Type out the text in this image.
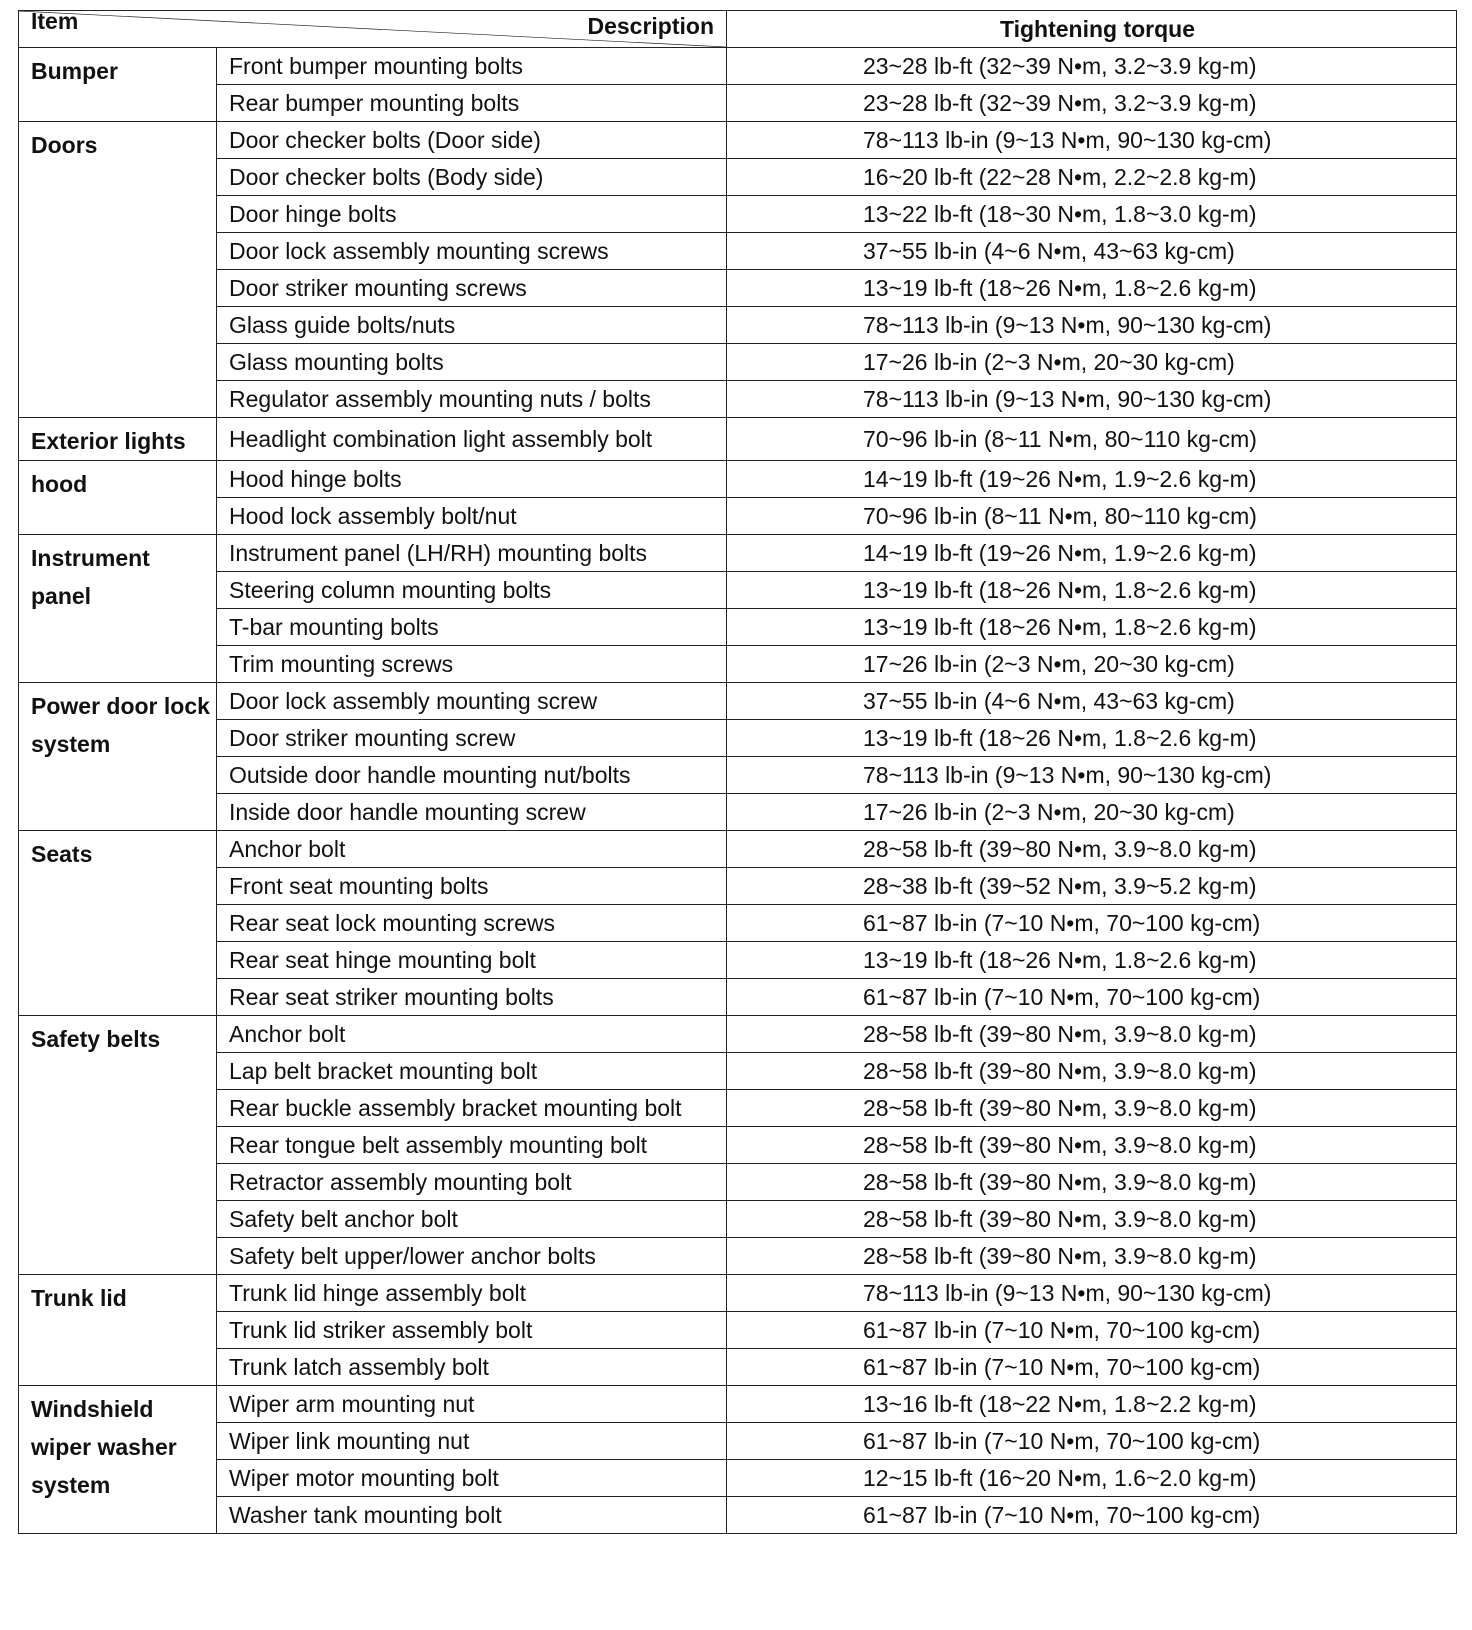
Description
Item		Tightening torque
Bumper	Front bumper mounting bolts	23~28 lb-ft (32~39 N•m, 3.2~3.9 kg-m)
	Rear bumper mounting bolts	23~28 lb-ft (32~39 N•m, 3.2~3.9 kg-m)
Doors	Door checker bolts (Door side)	78~113 lb-in (9~13 N•m, 90~130 kg-cm)
	Door checker bolts (Body side)	16~20 lb-ft (22~28 N•m, 2.2~2.8 kg-m)
	Door hinge bolts	13~22 lb-ft (18~30 N•m, 1.8~3.0 kg-m)
	Door lock assembly mounting screws	37~55 lb-in (4~6 N•m, 43~63 kg-cm)
	Door striker mounting screws	13~19 lb-ft (18~26 N•m, 1.8~2.6 kg-m)
	Glass guide bolts/nuts	78~113 lb-in (9~13 N•m, 90~130 kg-cm)
	Glass mounting bolts	17~26 lb-in (2~3 N•m, 20~30 kg-cm)
	Regulator assembly mounting nuts / bolts	78~113 lb-in (9~13 N•m, 90~130 kg-cm)
Exterior lights	Headlight combination light assembly bolt	70~96 lb-in (8~11 N•m, 80~110 kg-cm)
hood	Hood hinge bolts	14~19 lb-ft (19~26 N•m, 1.9~2.6 kg-m)
	Hood lock assembly bolt/nut	70~96 lb-in (8~11 N•m, 80~110 kg-cm)
Instrument panel	Instrument panel (LH/RH) mounting bolts	14~19 lb-ft (19~26 N•m, 1.9~2.6 kg-m)
	Steering column mounting bolts	13~19 lb-ft (18~26 N•m, 1.8~2.6 kg-m)
	T-bar mounting bolts	13~19 lb-ft (18~26 N•m, 1.8~2.6 kg-m)
	Trim mounting screws	17~26 lb-in (2~3 N•m, 20~30 kg-cm)
Power door lock system	Door lock assembly mounting screw	37~55 lb-in (4~6 N•m, 43~63 kg-cm)
	Door striker mounting screw	13~19 lb-ft (18~26 N•m, 1.8~2.6 kg-m)
	Outside door handle mounting nut/bolts	78~113 lb-in (9~13 N•m, 90~130 kg-cm)
	Inside door handle mounting screw	17~26 lb-in (2~3 N•m, 20~30 kg-cm)
Seats	Anchor bolt	28~58 lb-ft (39~80 N•m, 3.9~8.0 kg-m)
	Front seat mounting bolts	28~38 lb-ft (39~52 N•m, 3.9~5.2 kg-m)
	Rear seat lock mounting screws	61~87 lb-in (7~10 N•m, 70~100 kg-cm)
	Rear seat hinge mounting bolt	13~19 lb-ft (18~26 N•m, 1.8~2.6 kg-m)
	Rear seat striker mounting bolts	61~87 lb-in (7~10 N•m, 70~100 kg-cm)
Safety belts	Anchor bolt	28~58 lb-ft (39~80 N•m, 3.9~8.0 kg-m)
	Lap belt bracket mounting bolt	28~58 lb-ft (39~80 N•m, 3.9~8.0 kg-m)
	Rear buckle assembly bracket mounting bolt	28~58 lb-ft (39~80 N•m, 3.9~8.0 kg-m)
	Rear tongue belt assembly mounting bolt	28~58 lb-ft (39~80 N•m, 3.9~8.0 kg-m)
	Retractor assembly mounting bolt	28~58 lb-ft (39~80 N•m, 3.9~8.0 kg-m)
	Safety belt anchor bolt	28~58 lb-ft (39~80 N•m, 3.9~8.0 kg-m)
	Safety belt upper/lower anchor bolts	28~58 lb-ft (39~80 N•m, 3.9~8.0 kg-m)
Trunk lid	Trunk lid hinge assembly bolt	78~113 lb-in (9~13 N•m, 90~130 kg-cm)
	Trunk lid striker assembly bolt	61~87 lb-in (7~10 N•m, 70~100 kg-cm)
	Trunk latch assembly bolt	61~87 lb-in (7~10 N•m, 70~100 kg-cm)
Windshield wiper washer system	Wiper arm mounting nut	13~16 lb-ft (18~22 N•m, 1.8~2.2 kg-m)
	Wiper link mounting nut	61~87 lb-in (7~10 N•m, 70~100 kg-cm)
	Wiper motor mounting bolt	12~15 lb-ft (16~20 N•m, 1.6~2.0 kg-m)
	Washer tank mounting bolt	61~87 lb-in (7~10 N•m, 70~100 kg-cm)
